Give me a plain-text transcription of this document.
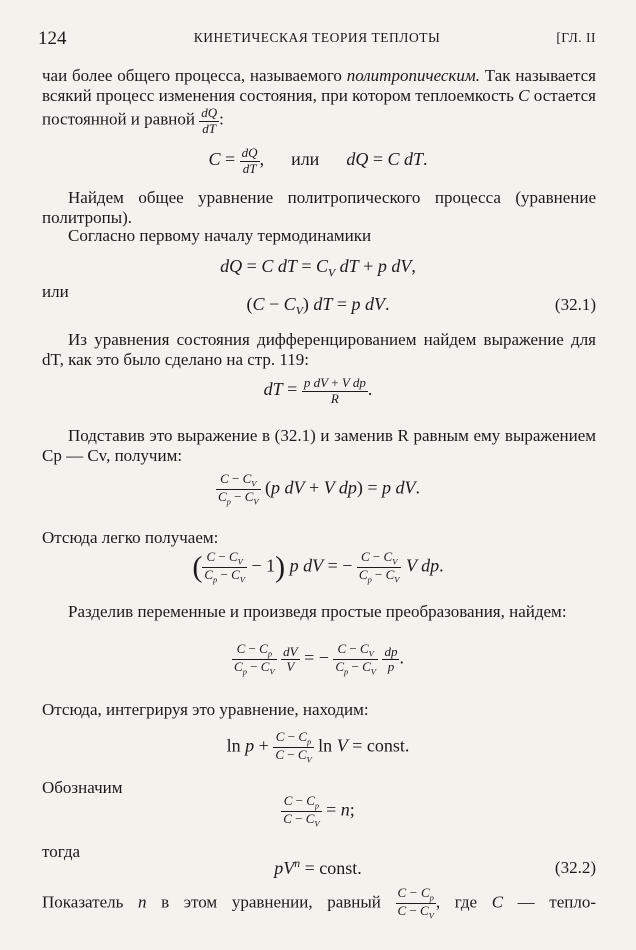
124	КИНЕТИЧЕСКАЯ ТЕОРИЯ ТЕПЛОТЫ	[ГЛ. II
чаи более общего процесса, называемого политропическим. Так называется всякий процесс изменения состояния, при котором теплоемкость C остается постоянной и равной $\frac{dQ}{dT}$ :
$C = \frac{dQ}{dT}$ ,      или dQ = C dT.
Найдем общее уравнение политропического процесса (уравнение политропы).
Согласно первому началу термодинамики
dQ = C dT = $C_V$ dT + p dV,
или
$(C - C_V)$ dT = p dV.	(32.1)
Из уравнения состояния дифференцированием найдем выражение для dT, как это было сделано на стр. 119:
dT = $\frac{\text{p dV + V dp}}{R}$ .
Подставив это выражение в (32.1) и заменив R равным ему выражением Cp — Cv, получим:
$\frac{C - C_V}{C_p - C_V} (p$ dV + V dp) = p dV.
Отсюда легко получаем:
( $\frac{C - C_V}{C_p - C_V} - 1$) p dV = − $\frac{C - C_V}{C_p - C_V}$ V dp.
Разделив переменные и произведя простые преобразования, найдем:
$\frac{C - C_p}{C_p - C_V}$
$\frac{dV}{V}$ = − $\frac{C - C_V}{C_p - C_V}$
$\frac{dp}{p}$ .
Отсюда, интегрируя это уравнение, находим:
$\ln p + \frac{C - C_p}{C - C_V}$ ln V = const.
Обозначим
$\frac{C - C_p}{C - C_V} = n$;
тогда
$pV^n$ = const.	(32.2)
Показатель n в этом уравнении, равный $\frac{C - C_p}{C - C_V}$ , где C — тепло-
